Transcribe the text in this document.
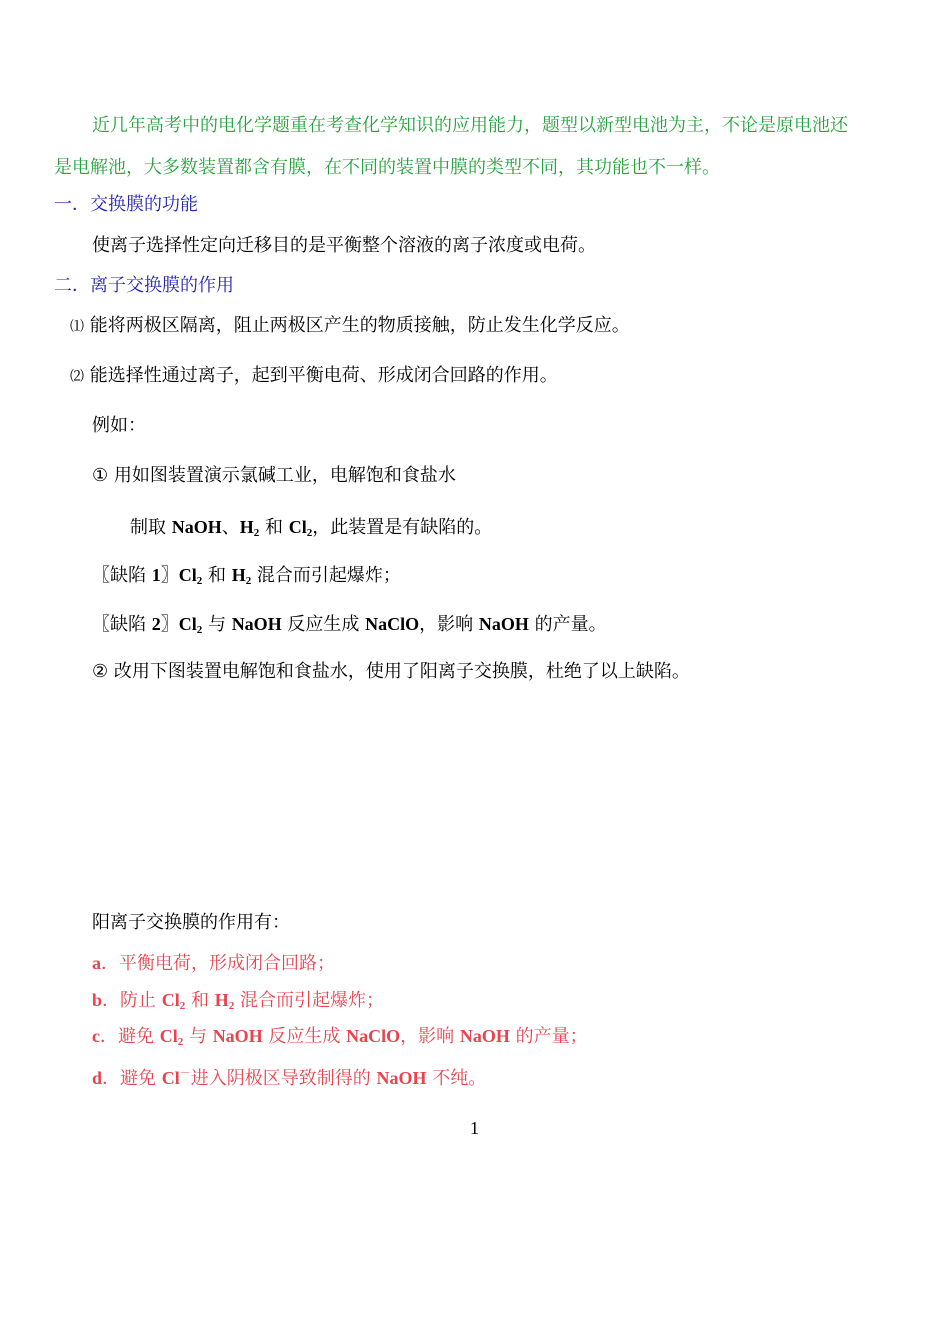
近几年高考中的电化学题重在考查化学知识的应用能力，题型以新型电池为主，不论是原电池还
是电解池，大多数装置都含有膜，在不同的装置中膜的类型不同，其功能也不一样。
一．交换膜的功能
使离子选择性定向迁移目的是平衡整个溶液的离子浓度或电荷。
二．离子交换膜的作用
⑴ 能将两极区隔离，阻止两极区产生的物质接触，防止发生化学反应。
⑵ 能选择性通过离子，起到平衡电荷、形成闭合回路的作用。
例如：
① 用如图装置演示氯碱工业，电解饱和食盐水
制取 NaOH、$H_2$ 和 $Cl_2$，此装置是有缺陷的。
〖缺陷 1〗$Cl_2$ 和 $H_2$ 混合而引起爆炸；
〖缺陷 2〗$Cl_2$ 与 NaOH 反应生成 NaClO，影响 NaOH 的产量。
② 改用下图装置电解饱和食盐水，使用了阳离子交换膜，杜绝了以上缺陷。
阳离子交换膜的作用有：
a．平衡电荷，形成闭合回路；
b．防止 $Cl_2$ 和 $H_2$ 混合而引起爆炸；
c．避免 $Cl_2$ 与 NaOH 反应生成 NaClO，影响 NaOH 的产量；
d．避免 Cl－进入阴极区导致制得的 NaOH 不纯。
1
